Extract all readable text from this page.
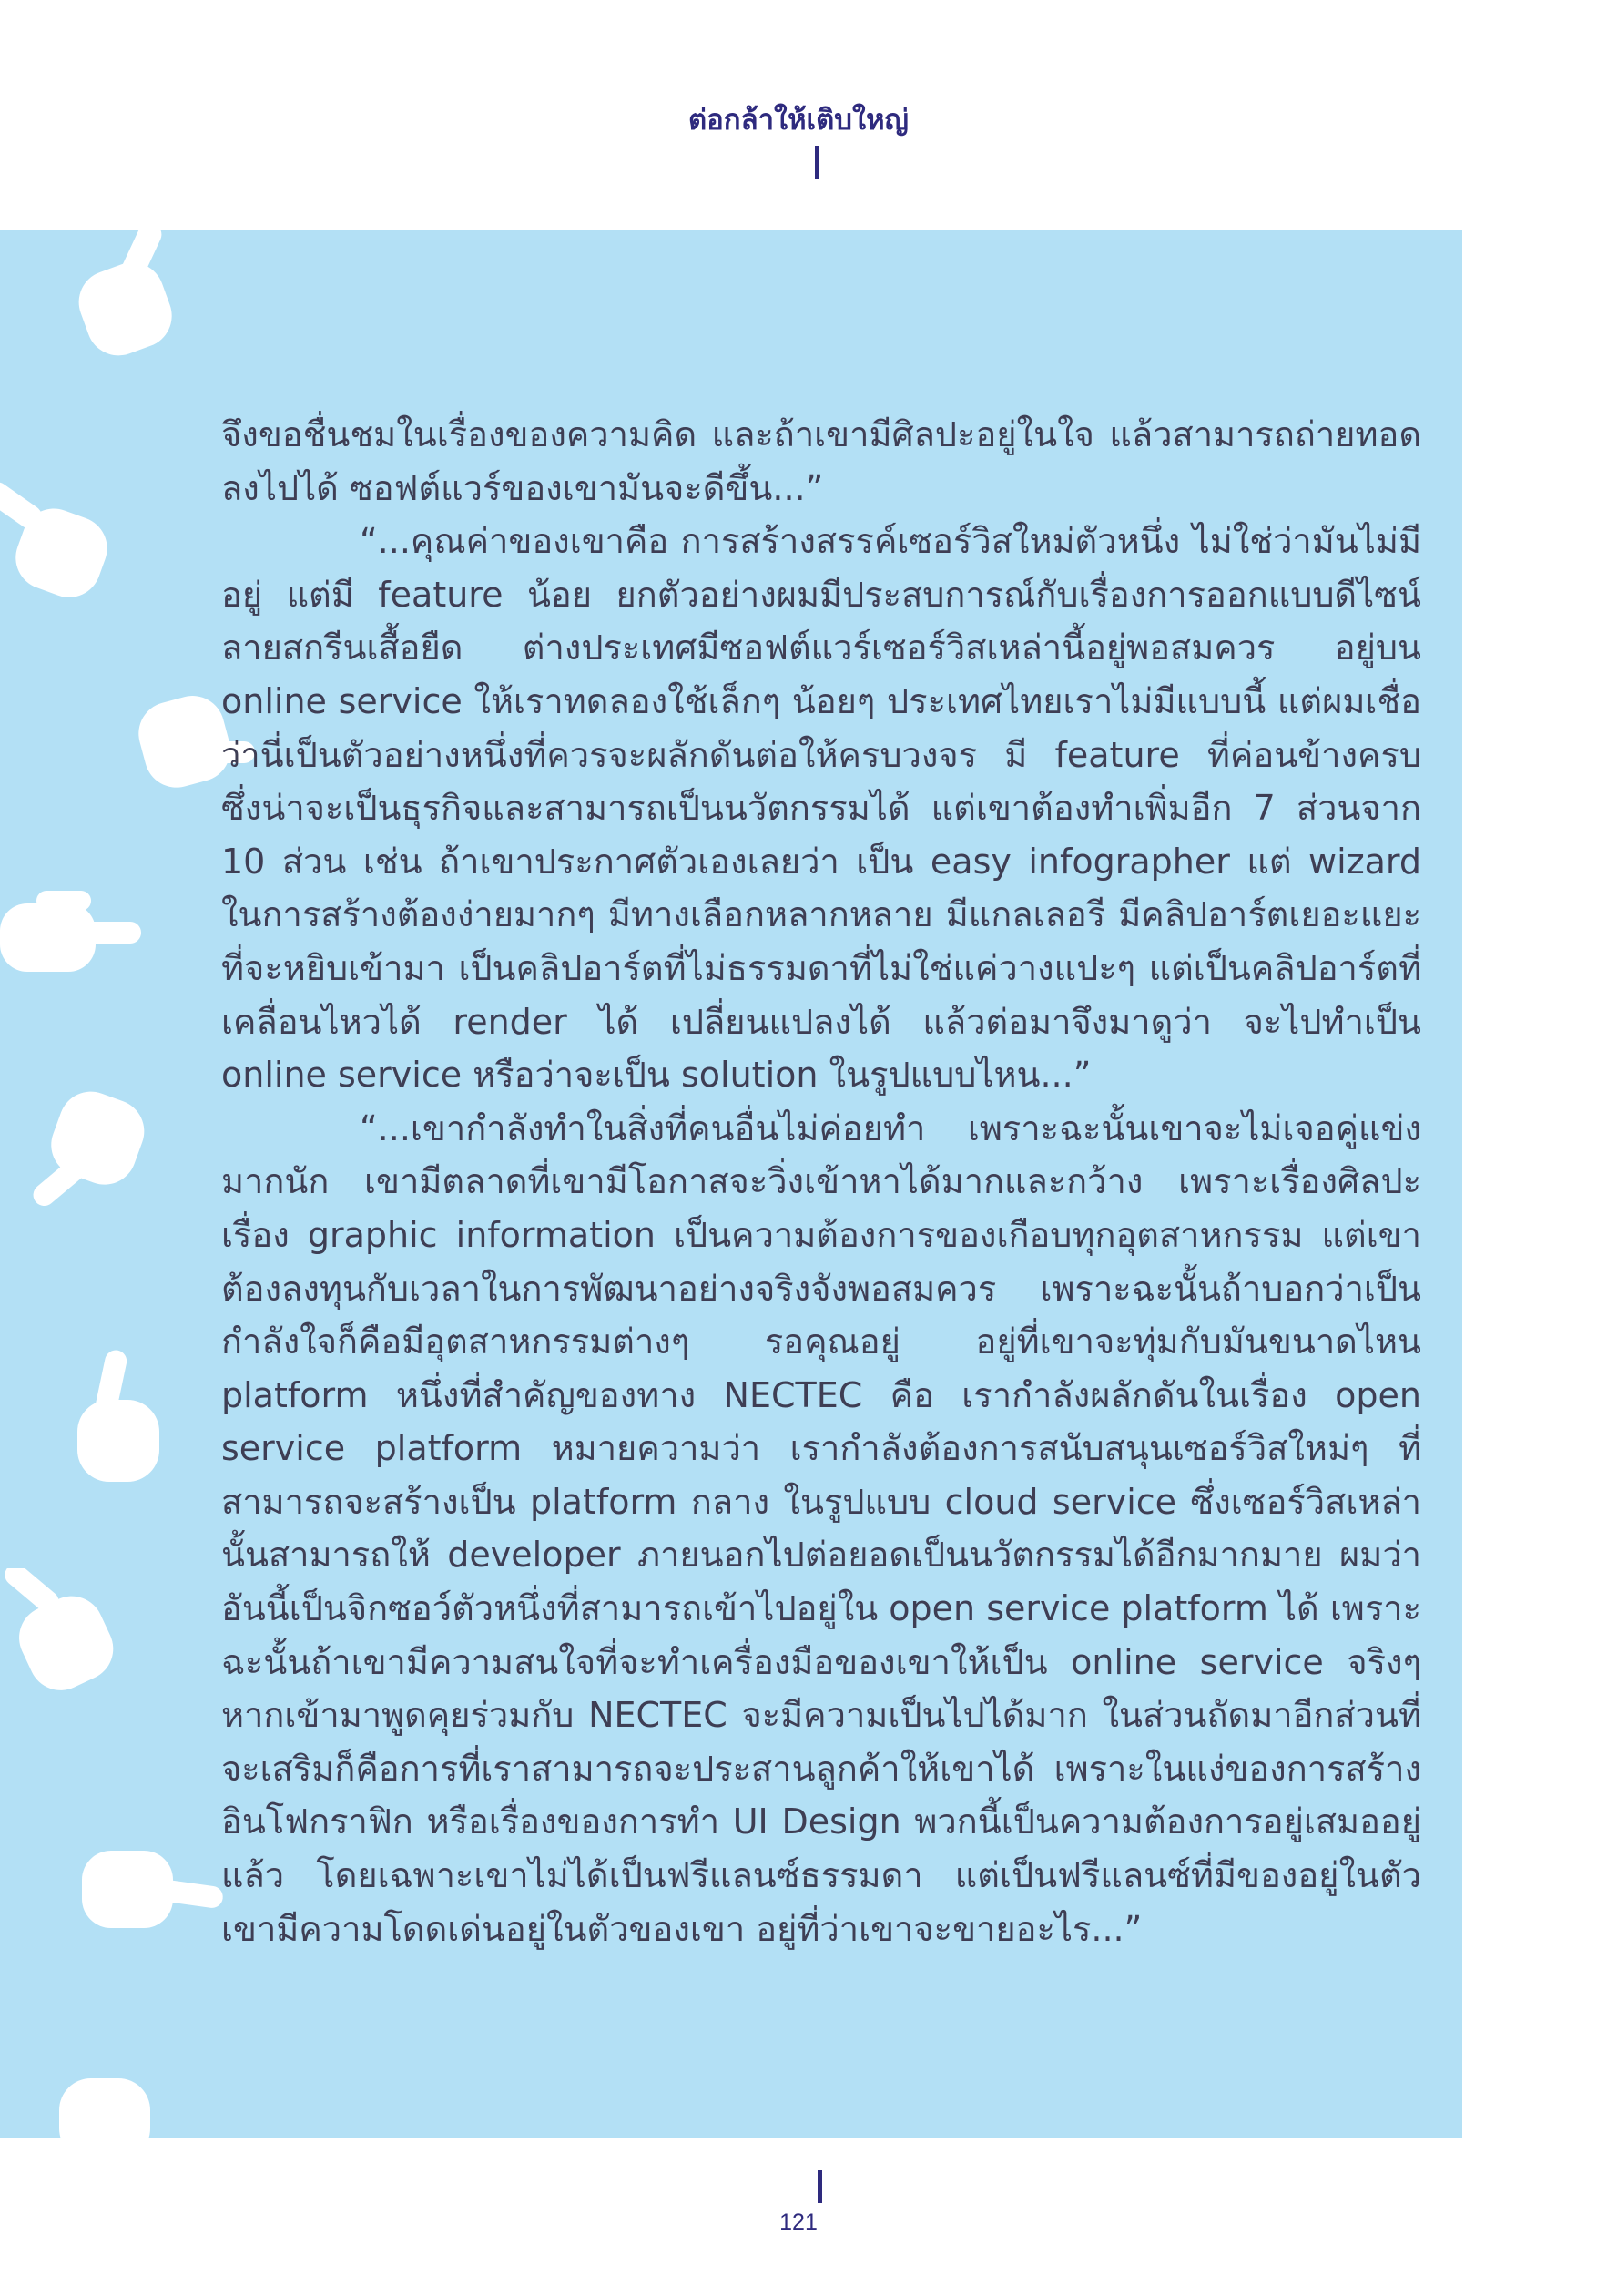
ต่อกล้าให้เติบใหญ่

จึงขอชื่นชมในเรื่องของความคิด และถ้าเขามีศิลปะอยู่ในใจ แล้วสามารถถ่ายทอดลงไปได้ ซอฟต์แวร์ของเขามันจะดีขึ้น...”

“...คุณค่าของเขาคือ การสร้างสรรค์เซอร์วิสใหม่ตัวหนึ่ง ไม่ใช่ว่ามันไม่มีอยู่ แต่มี feature น้อย ยกตัวอย่างผมมีประสบการณ์กับเรื่องการออกแบบดีไซน์ลายสกรีนเสื้อยืด ต่างประเทศมีซอฟต์แวร์เซอร์วิสเหล่านี้อยู่พอสมควร อยู่บน online service ให้เราทดลองใช้เล็กๆ น้อยๆ ประเทศไทยเราไม่มีแบบนี้ แต่ผมเชื่อว่านี่เป็นตัวอย่างหนึ่งที่ควรจะผลักดันต่อให้ครบวงจร มี feature ที่ค่อนข้างครบ ซึ่งน่าจะเป็นธุรกิจและสามารถเป็นนวัตกรรมได้ แต่เขาต้องทำเพิ่มอีก 7 ส่วนจาก 10 ส่วน เช่น ถ้าเขาประกาศตัวเองเลยว่า เป็น easy infographer แต่ wizard ในการสร้างต้องง่ายมากๆ มีทางเลือกหลากหลาย มีแกลเลอรี มีคลิปอาร์ตเยอะแยะที่จะหยิบเข้ามา เป็นคลิปอาร์ตที่ไม่ธรรมดาที่ไม่ใช่แค่วางแปะๆ แต่เป็นคลิปอาร์ตที่เคลื่อนไหวได้ render ได้ เปลี่ยนแปลงได้ แล้วต่อมาจึงมาดูว่า จะไปทำเป็น online service หรือว่าจะเป็น solution ในรูปแบบไหน...”

“...เขากำลังทำในสิ่งที่คนอื่นไม่ค่อยทำ เพราะฉะนั้นเขาจะไม่เจอคู่แข่งมากนัก เขามีตลาดที่เขามีโอกาสจะวิ่งเข้าหาได้มากและกว้าง เพราะเรื่องศิลปะ เรื่อง graphic information เป็นความต้องการของเกือบทุกอุตสาหกรรม แต่เขาต้องลงทุนกับเวลาในการพัฒนาอย่างจริงจังพอสมควร เพราะฉะนั้นถ้าบอกว่าเป็นกำลังใจก็คือมีอุตสาหกรรมต่างๆ รอคุณอยู่ อยู่ที่เขาจะทุ่มกับมันขนาดไหน platform หนึ่งที่สำคัญของทาง NECTEC คือ เรากำลังผลักดันในเรื่อง open service platform หมายความว่า เรากำลังต้องการสนับสนุนเซอร์วิสใหม่ๆ ที่สามารถจะสร้างเป็น platform กลาง ในรูปแบบ cloud service ซึ่งเซอร์วิสเหล่านั้นสามารถให้ developer ภายนอกไปต่อยอดเป็นนวัตกรรมได้อีกมากมาย ผมว่าอันนี้เป็นจิกซอว์ตัวหนึ่งที่สามารถเข้าไปอยู่ใน open service platform ได้ เพราะฉะนั้นถ้าเขามีความสนใจที่จะทำเครื่องมือของเขาให้เป็น online service จริงๆ หากเข้ามาพูดคุยร่วมกับ NECTEC จะมีความเป็นไปได้มาก ในส่วนถัดมาอีกส่วนที่จะเสริมก็คือการที่เราสามารถจะประสานลูกค้าให้เขาได้ เพราะในแง่ของการสร้างอินโฟกราฟิก หรือเรื่องของการทำ UI Design พวกนี้เป็นความต้องการอยู่เสมออยู่แล้ว โดยเฉพาะเขาไม่ได้เป็นฟรีแลนซ์ธรรมดา แต่เป็นฟรีแลนซ์ที่มีของอยู่ในตัวเขามีความโดดเด่นอยู่ในตัวของเขา อยู่ที่ว่าเขาจะขายอะไร...”

121
